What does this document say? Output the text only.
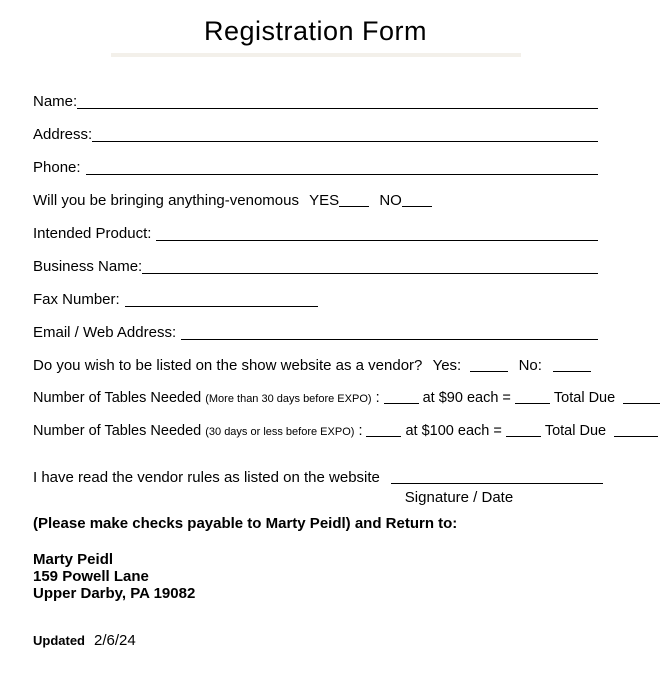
Registration Form
Name:
Address:
Phone:
Will you be bringing anything-venomous YES	NO
Intended Product:
Business Name:
Fax Number:
Email / Web Address:
Do you wish to be listed on the show website as a vendor? Yes:	No:
Number of Tables Needed (More than 30 days before EXPO) :	at $90 each =	Total Due
Number of Tables Needed (30 days or less before EXPO) :	at $100 each =	Total Due
I have read the vendor rules as listed on the website
Signature / Date
(Please make checks payable to Marty Peidl) and Return to:
Marty Peidl
159 Powell Lane
Upper Darby, PA 19082
Updated 2/6/24
